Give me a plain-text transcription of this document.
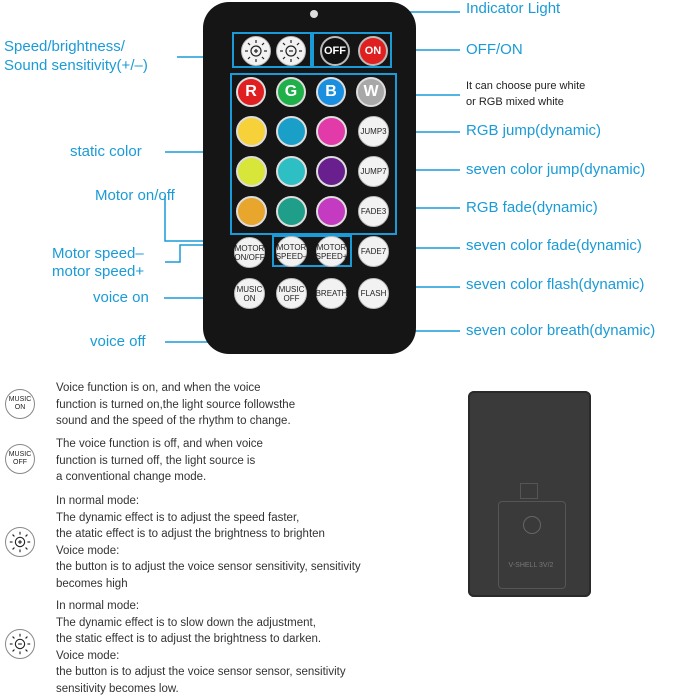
Indicator Light
Speed/brightness/
Sound sensitivity(+/–)
OFF/ON
It can choose pure white
or RGB mixed white
RGB jump(dynamic)
static color
seven color jump(dynamic)
Motor on/off
RGB fade(dynamic)
Motor speed–
motor speed+
seven color fade(dynamic)
seven color flash(dynamic)
voice on
seven color breath(dynamic)
voice off
OFF	ON
R	G	B	W
JUMP3
JUMP7
FADE3
FADE7
FLASH
MOTOR
ON/OFF
MOTOR
SPEED–
MOTOR
SPEED+
MUSIC
ON
MUSIC
OFF BREATH
MUSIC
ON
Voice function is on, and when the voice
function is turned on,the light source followsthe
sound and the speed of the rhythm to change.
MUSIC
OFF
The voice function is off, and when voice
function is turned off, the light source is
a conventional change mode.
In normal mode:
The dynamic effect is to adjust the speed faster,
the atatic effect is to adjust the brightness to brighten
Voice mode:
the button is to adjust the voice sensor sensitivity, sensitivity
becomes high
In normal mode:
The dynamic effect is to slow down the adjustment,
the static effect is to adjust the brightness to darken.
Voice mode:
the button is to adjust the voice sensor sensor, sensitivity
sensitivity becomes low.
V-SHELL 3V/2
